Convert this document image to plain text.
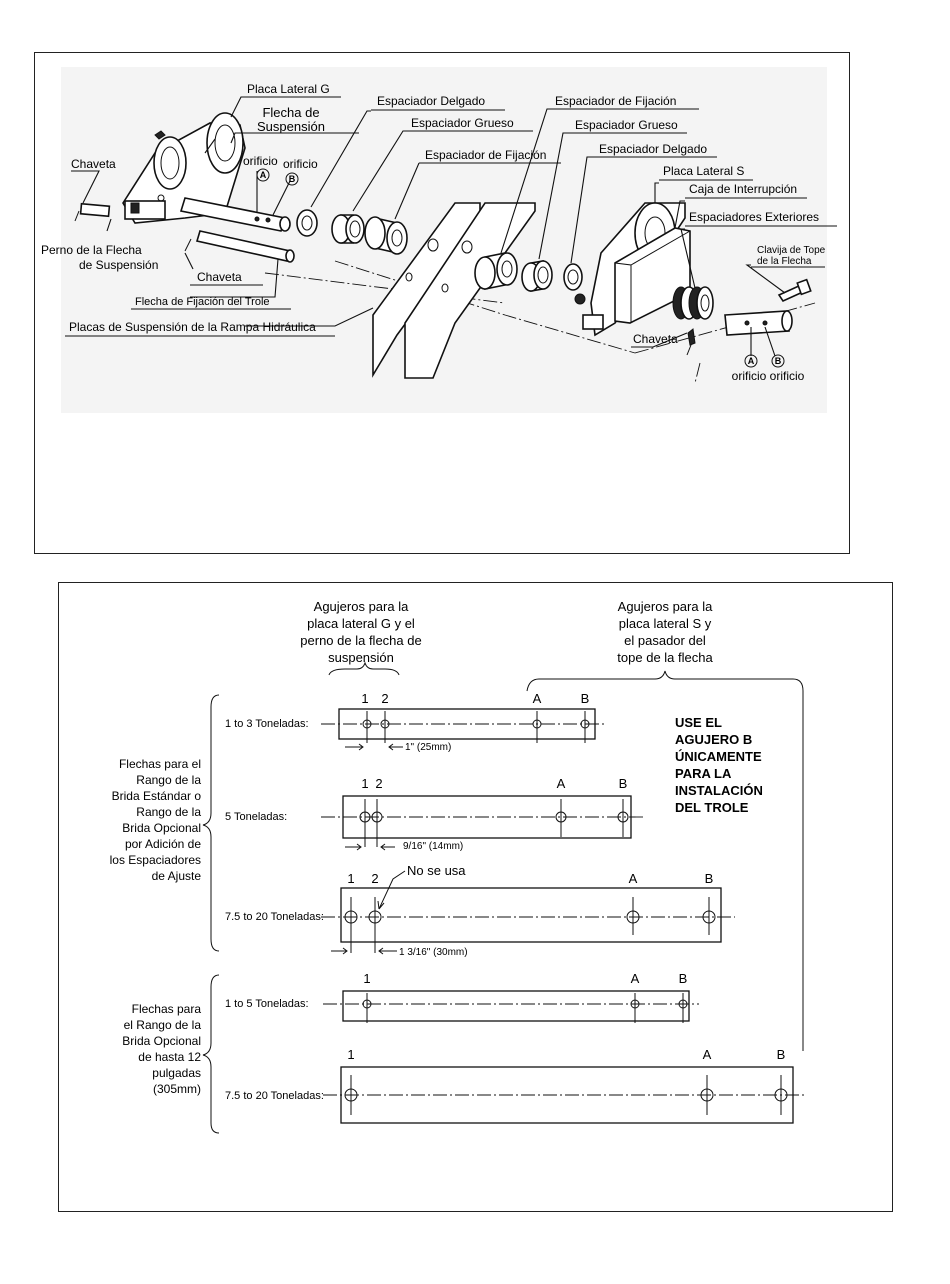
Placa Lateral G
Flecha de
Suspensión
Chaveta	orificio orificio
A	B
Perno de la Flecha
de Suspensión
Chaveta
Flecha de Fijación del Trole
Placas de Suspensión de la Rampa Hidráulica
Espaciador Delgado
Espaciador Grueso
Espaciador de Fijación
Espaciador de Fijación
Espaciador Grueso
Espaciador Delgado
Placa Lateral S
Caja de Interrupción
Espaciadores Exteriores
Clavija de Tope
de la Flecha
Chaveta
A B
orificio orificio
Agujeros para la
placa lateral G y el
perno de la flecha de
suspensión
Agujeros para la
placa lateral S y
el pasador del
tope de la flecha
Flechas para el
Rango de la
Brida Estándar o
Rango de la
Brida Opcional
por Adición de
los Espaciadores
de Ajuste
Flechas para
el Rango de la
Brida Opcional
de hasta 12
pulgadas
(305mm)
USE EL
AGUJERO B
ÚNICAMENTE
PARA LA
INSTALACIÓN
DEL TROLE
1 to 3 Toneladas:
1 2	A	B
1" (25mm)
5 Toneladas:
1 2	A	B
9/16" (14mm)
7.5 to 20 Toneladas:
1 2	A	B
No se usa
1 3/16" (30mm)
1 to 5 Toneladas:
1	A	B
7.5 to 20 Toneladas:
1	A	B
